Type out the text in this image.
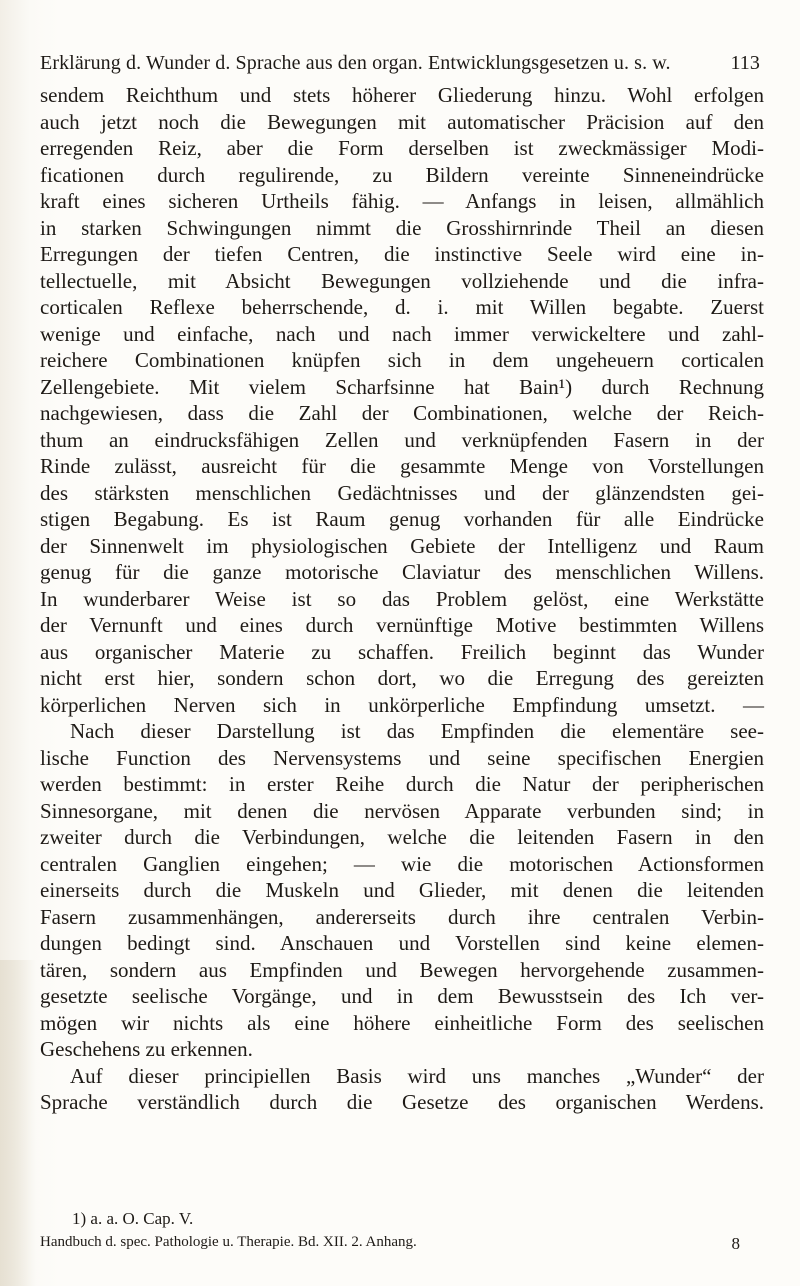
Erklärung d. Wunder d. Sprache aus den organ. Entwicklungsgesetzen u. s. w.	113
sendem Reichthum und stets höherer Gliederung hinzu. Wohl erfolgen
auch jetzt noch die Bewegungen mit automatischer Präcision auf den
erregenden Reiz, aber die Form derselben ist zweckmässiger Modi-
ficationen durch regulirende, zu Bildern vereinte Sinneneindrücke
kraft eines sicheren Urtheils fähig. — Anfangs in leisen, allmählich
in starken Schwingungen nimmt die Grosshirnrinde Theil an diesen
Erregungen der tiefen Centren, die instinctive Seele wird eine in-
tellectuelle, mit Absicht Bewegungen vollziehende und die infra-
corticalen Reflexe beherrschende, d. i. mit Willen begabte. Zuerst
wenige und einfache, nach und nach immer verwickeltere und zahl-
reichere Combinationen knüpfen sich in dem ungeheuern corticalen
Zellengebiete. Mit vielem Scharfsinne hat Bain¹) durch Rechnung
nachgewiesen, dass die Zahl der Combinationen, welche der Reich-
thum an eindrucksfähigen Zellen und verknüpfenden Fasern in der
Rinde zulässt, ausreicht für die gesammte Menge von Vorstellungen
des stärksten menschlichen Gedächtnisses und der glänzendsten gei-
stigen Begabung. Es ist Raum genug vorhanden für alle Eindrücke
der Sinnenwelt im physiologischen Gebiete der Intelligenz und Raum
genug für die ganze motorische Claviatur des menschlichen Willens.
In wunderbarer Weise ist so das Problem gelöst, eine Werkstätte
der Vernunft und eines durch vernünftige Motive bestimmten Willens
aus organischer Materie zu schaffen. Freilich beginnt das Wunder
nicht erst hier, sondern schon dort, wo die Erregung des gereizten
körperlichen Nerven sich in unkörperliche Empfindung umsetzt. —
Nach dieser Darstellung ist das Empfinden die elementäre see-
lische Function des Nervensystems und seine specifischen Energien
werden bestimmt: in erster Reihe durch die Natur der peripherischen
Sinnesorgane, mit denen die nervösen Apparate verbunden sind; in
zweiter durch die Verbindungen, welche die leitenden Fasern in den
centralen Ganglien eingehen; — wie die motorischen Actionsformen
einerseits durch die Muskeln und Glieder, mit denen die leitenden
Fasern zusammenhängen, andererseits durch ihre centralen Verbin-
dungen bedingt sind. Anschauen und Vorstellen sind keine elemen-
tären, sondern aus Empfinden und Bewegen hervorgehende zusammen-
gesetzte seelische Vorgänge, und in dem Bewusstsein des Ich ver-
mögen wir nichts als eine höhere einheitliche Form des seelischen
Geschehens zu erkennen.
Auf dieser principiellen Basis wird uns manches „Wunder“ der
Sprache verständlich durch die Gesetze des organischen Werdens.
1) a. a. O. Cap. V.
Handbuch d. spec. Pathologie u. Therapie. Bd. XII. 2. Anhang.	8
